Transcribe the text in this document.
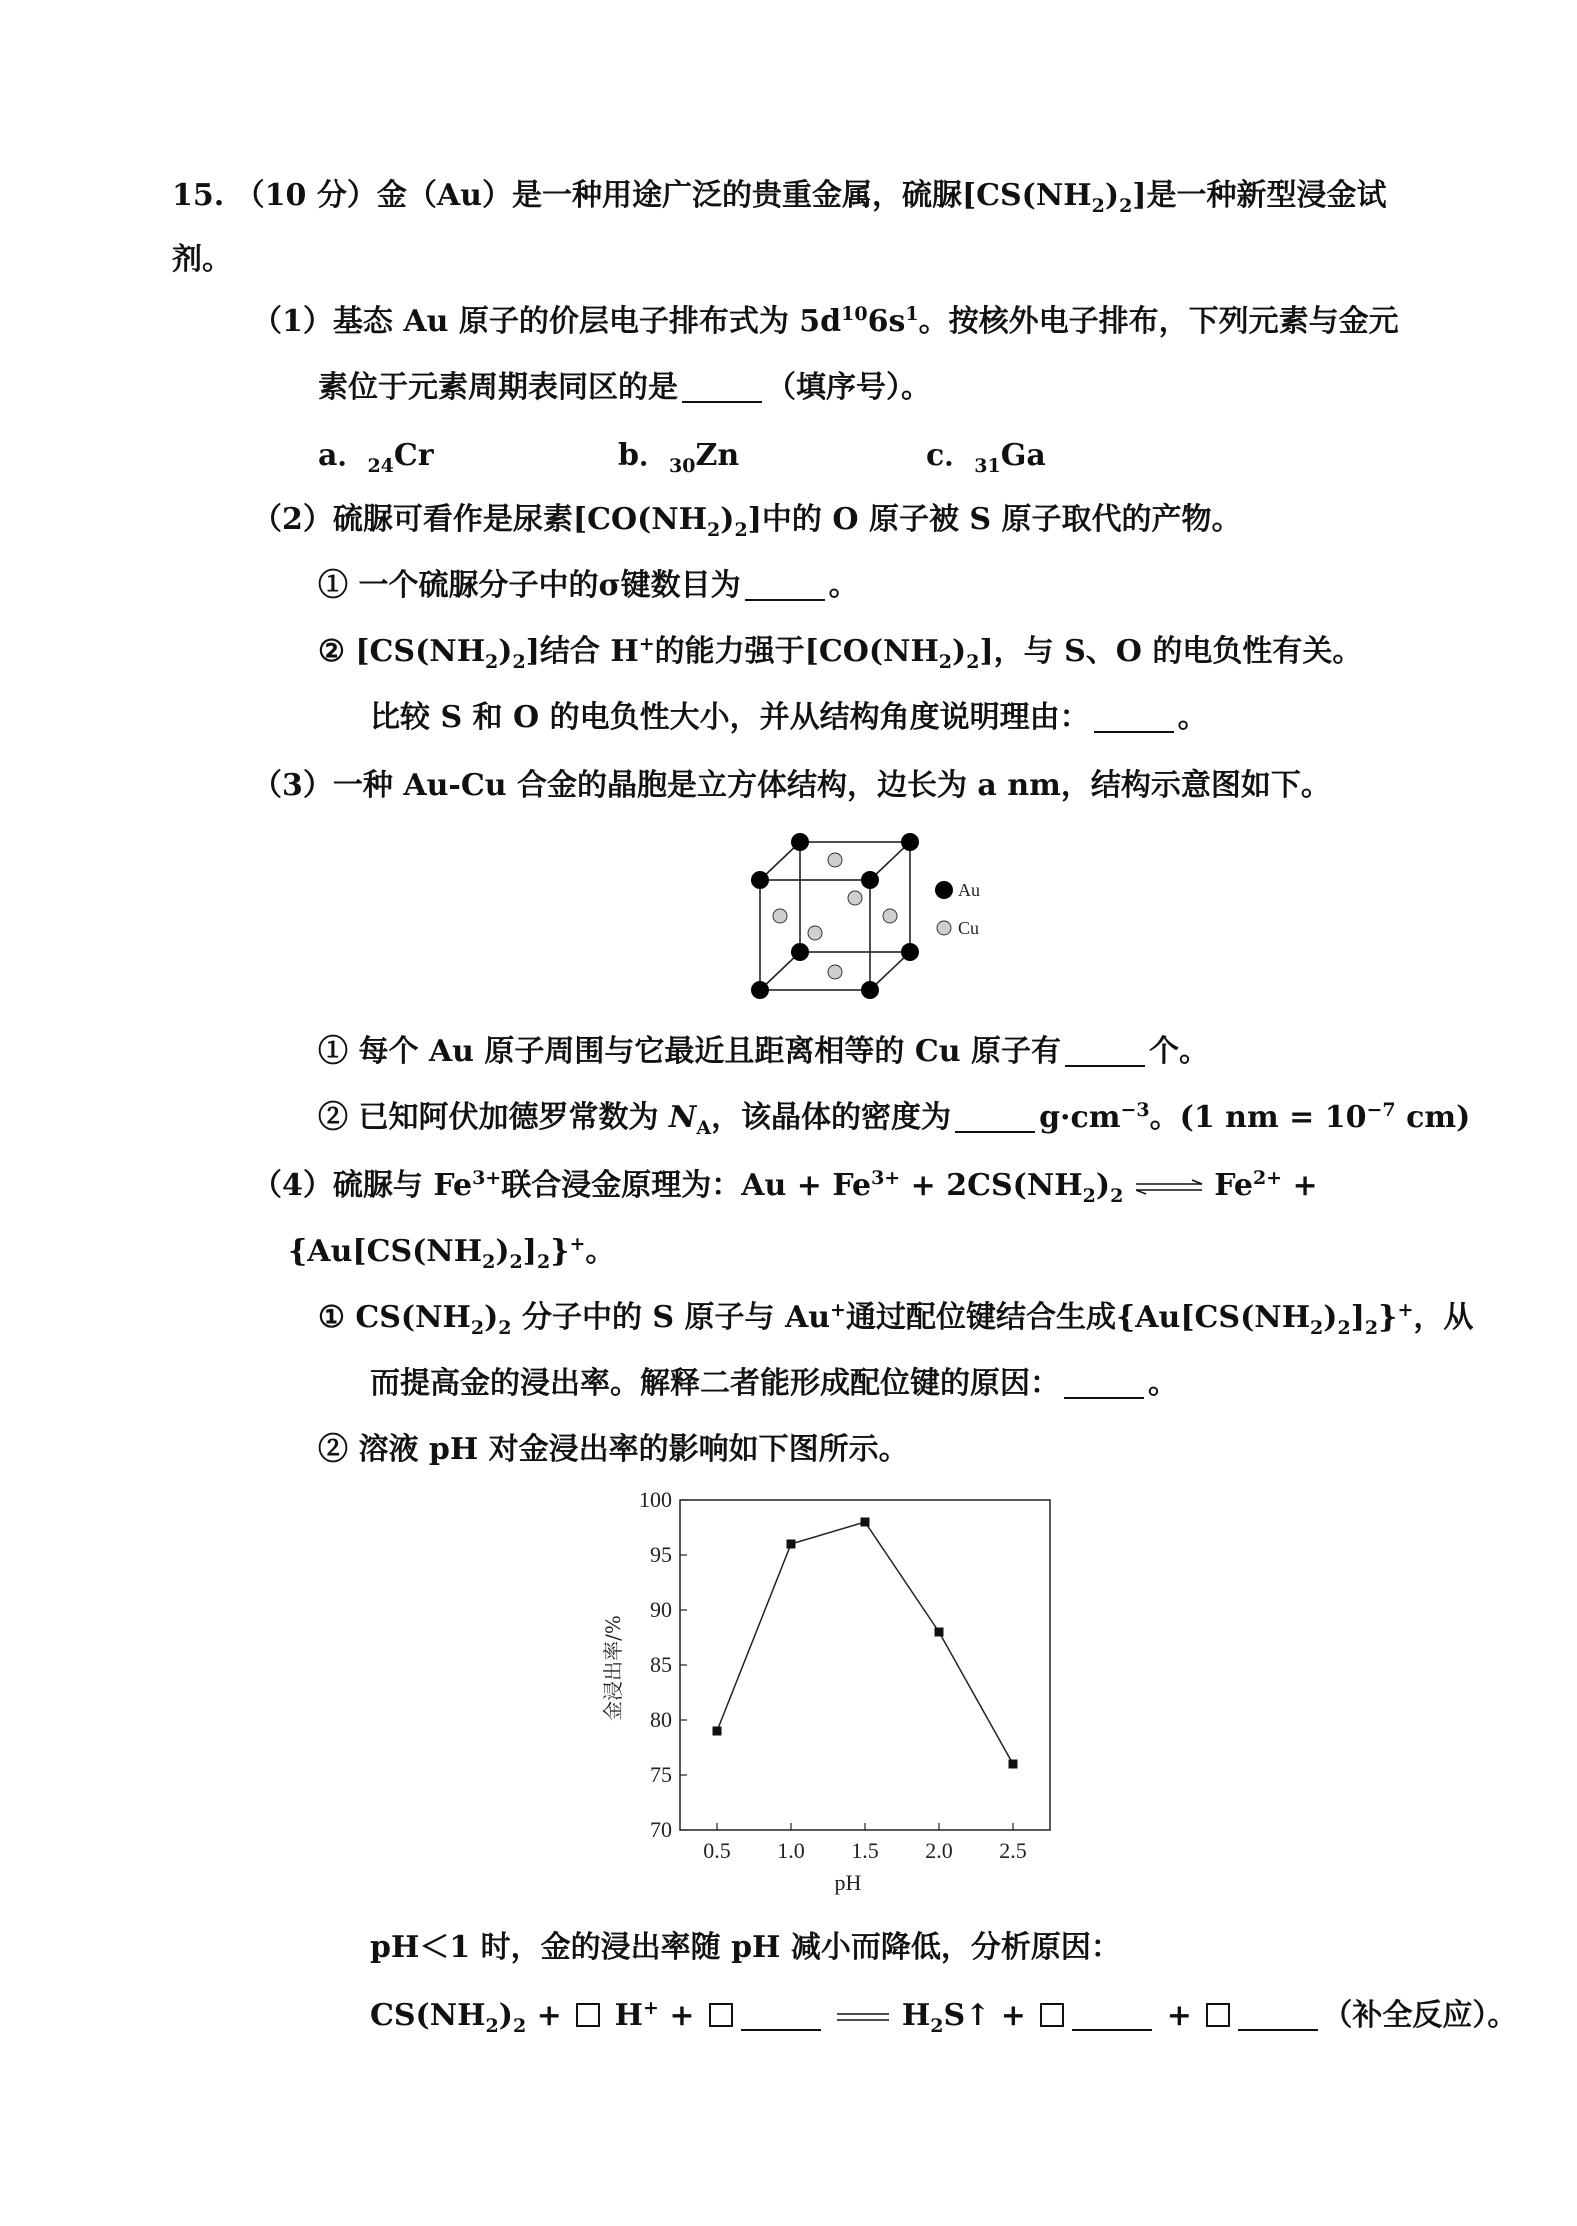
15. （10 分）金（Au）是一种用途广泛的贵重金属，硫脲$[CS(NH_2)_2]$是一种新型浸金试
剂。
（1）基态 Au 原子的价层电子排布式为 $5d^{10}6s^1$。按核外电子排布，下列元素与金元
素位于元素周期表同区的是	（填序号）。
a．$_{24}$Cr	b．$_{30}$Zn	c．$_{31}$Ga
（2）硫脲可看作是尿素$[CO(NH_2)_2]$中的 O 原子被 S 原子取代的产物。
① 一个硫脲分子中的σ键数目为	。
② $[CS(NH_2)_2]$结合 H+的能力强于$[CO(NH_2)_2]$，与 S、O 的电负性有关。
比较 S 和 O 的电负性大小，并从结构角度说明理由：	。
（3）一种 Au-Cu 合金的晶胞是立方体结构，边长为 a nm，结构示意图如下。
Au
Cu
① 每个 Au 原子周围与它最近且距离相等的 Cu 原子有	个。
② 已知阿伏加德罗常数为 $N_A$，该晶体的密度为	$g\cdot cm^{-3}$。(1 nm = $10^{-7}$ cm)
（4）硫脲与 $Fe^{3+}$联合浸金原理为：$Au + Fe^{3+} + 2CS(NH_2)_2$ ⇌ $Fe^{2+}$ +
$\{Au[CS(NH_2)_2]_2\}^+$。
① $CS(NH_2)_2$ 分子中的 S 原子与 Au+通过配位键结合生成$\{Au[CS(NH_2)_2]_2\}^+$，从
而提高金的浸出率。解释二者能形成配位键的原因：	。
② 溶液 pH 对金浸出率的影响如下图所示。
70
75
80
85
90
95
100
0.5 1.0 1.5 2.0 2.5
pH
金浸出率/%
pH＜1 时，金的浸出率随 pH 减小而降低，分析原因：
$CS(NH_2)_2 + H^+$ +	$H_2S↑$ +	+	（补全反应）。
